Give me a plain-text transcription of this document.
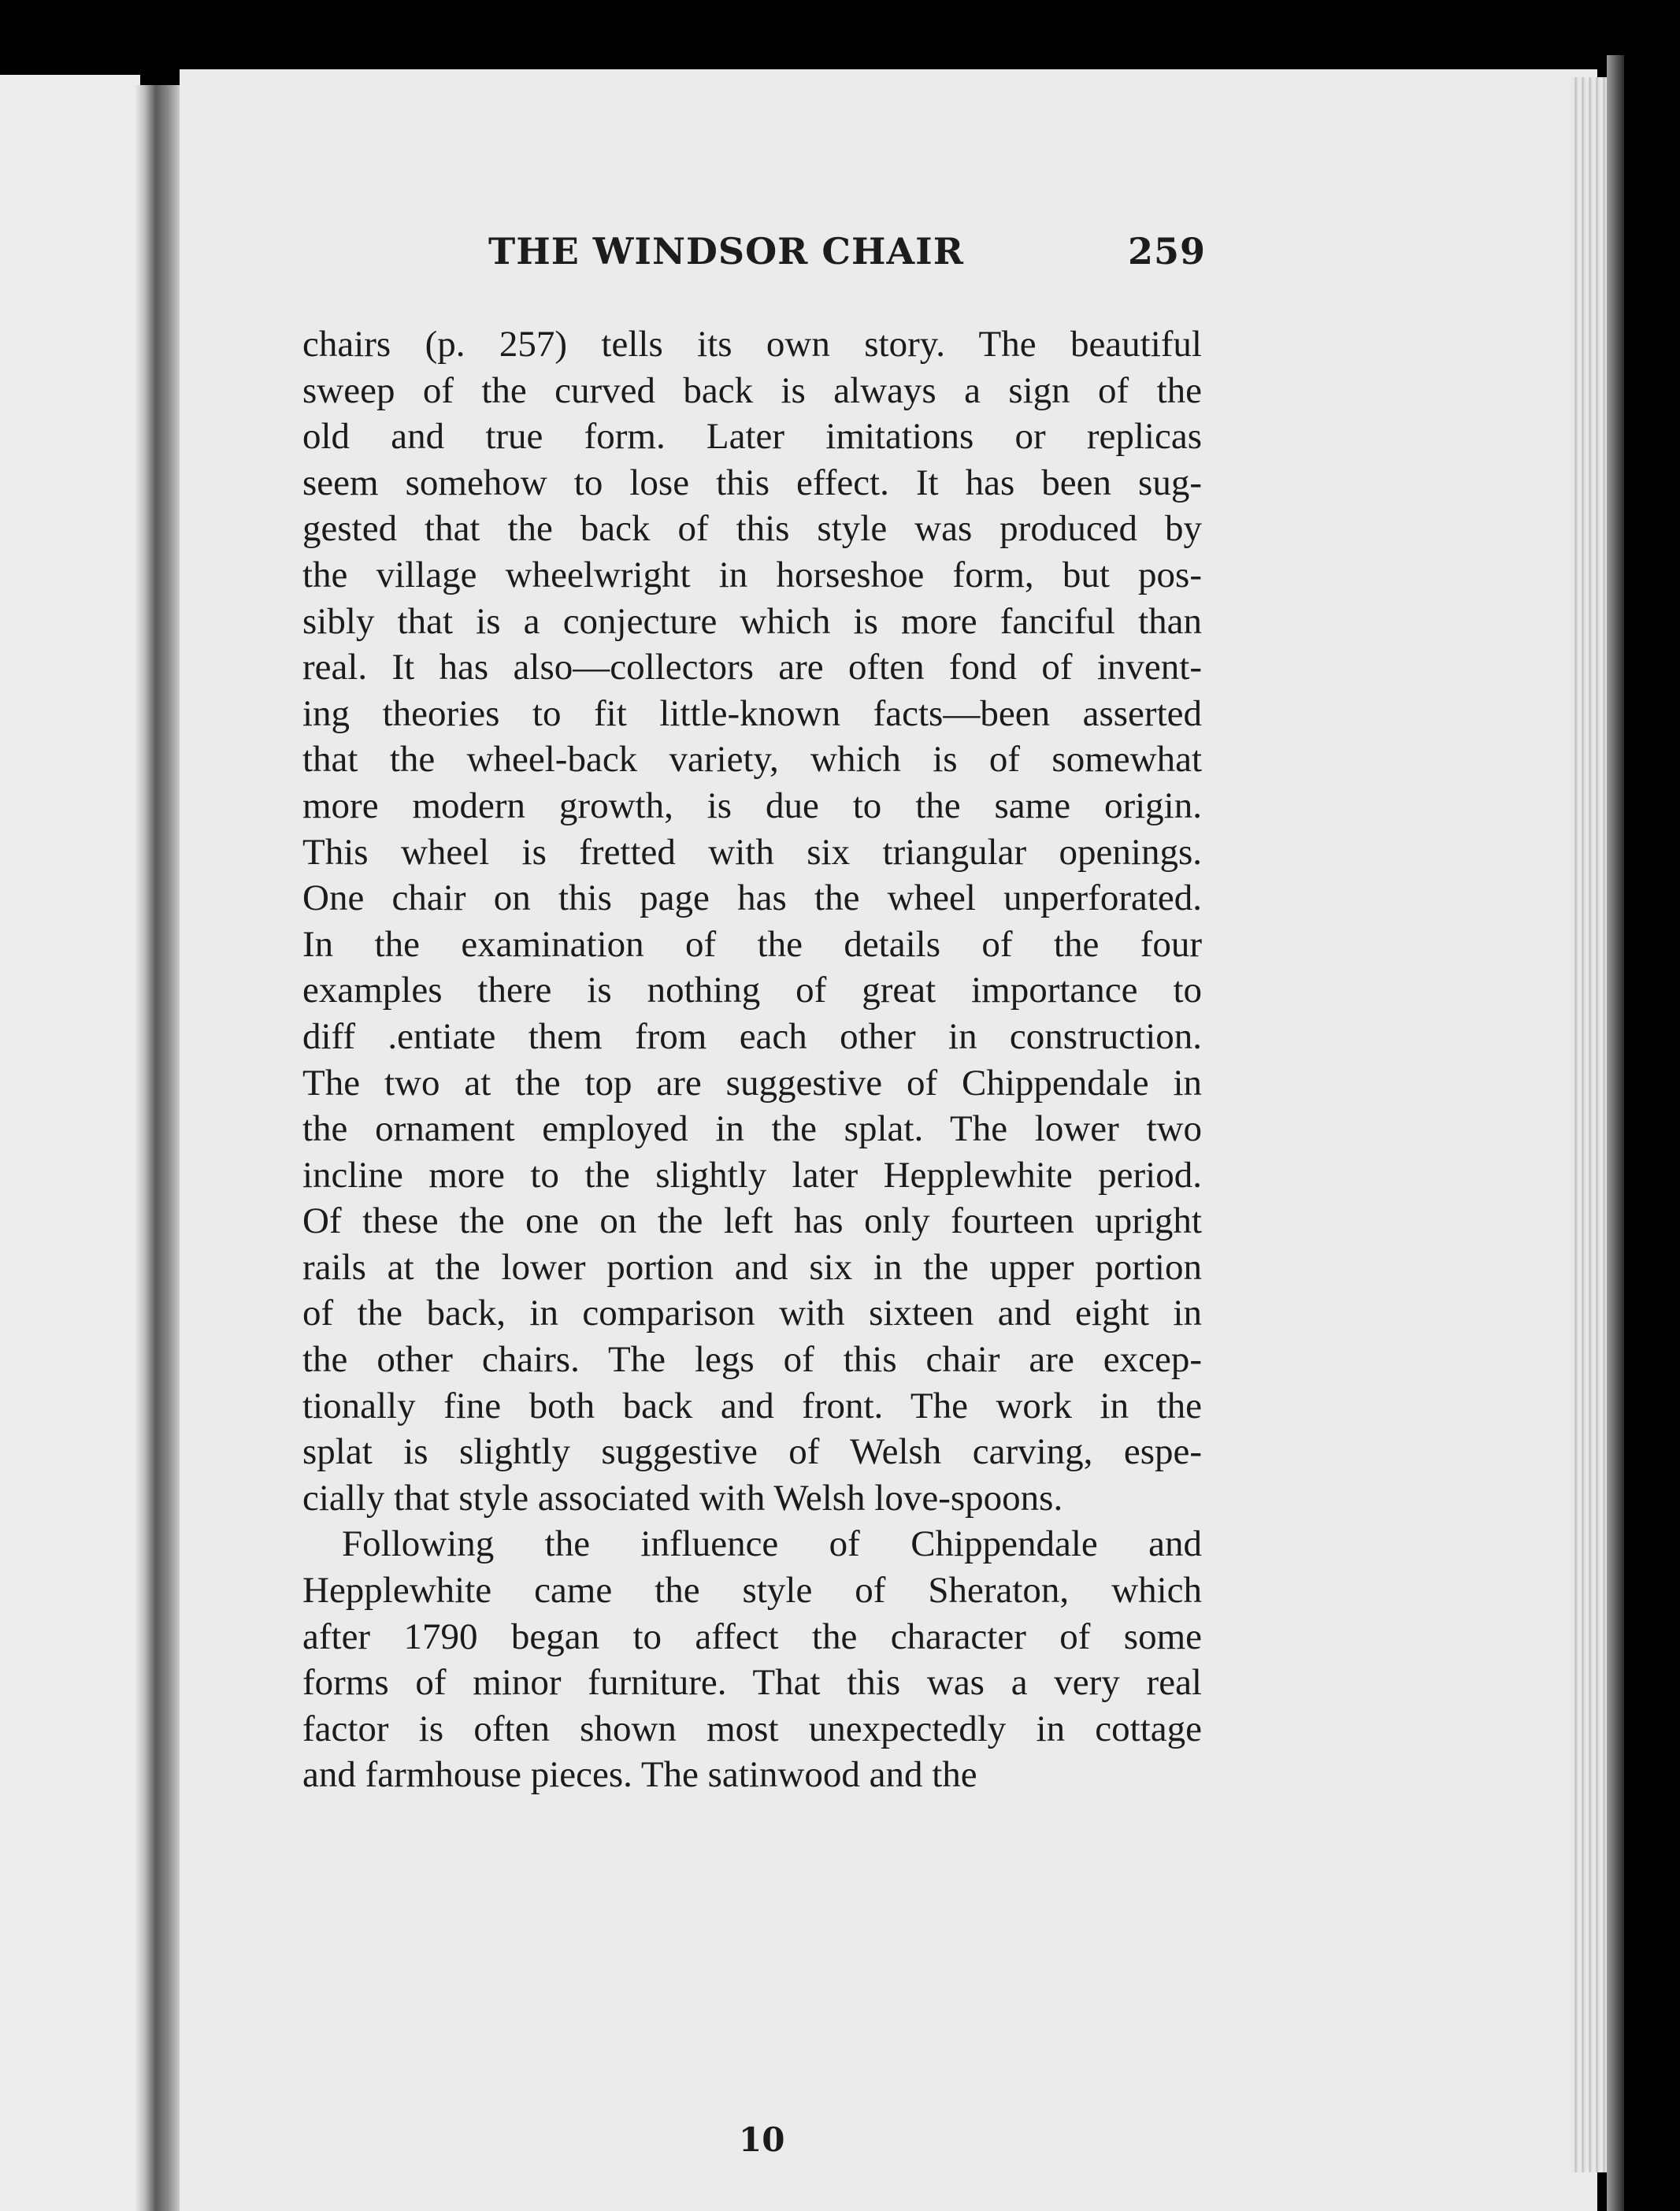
THE WINDSOR CHAIR	259
chairs (p. 257) tells its own story. The beautiful
sweep of the curved back is always a sign of the
old and true form. Later imitations or replicas
seem somehow to lose this effect. It has been sug-
gested that the back of this style was produced by
the village wheelwright in horseshoe form, but pos-
sibly that is a conjecture which is more fanciful than
real. It has also—collectors are often fond of invent-
ing theories to fit little-known facts—been asserted
that the wheel-back variety, which is of somewhat
more modern growth, is due to the same origin.
This wheel is fretted with six triangular openings.
One chair on this page has the wheel unperforated.
In the examination of the details of the four
examples there is nothing of great importance to
diff .entiate them from each other in construction.
The two at the top are suggestive of Chippendale in
the ornament employed in the splat. The lower two
incline more to the slightly later Hepplewhite period.
Of these the one on the left has only fourteen upright
rails at the lower portion and six in the upper portion
of the back, in comparison with sixteen and eight in
the other chairs. The legs of this chair are excep-
tionally fine both back and front. The work in the
splat is slightly suggestive of Welsh carving, espe-
cially that style associated with Welsh love-spoons.
Following the influence of Chippendale and
Hepplewhite came the style of Sheraton, which
after 1790 began to affect the character of some
forms of minor furniture. That this was a very real
factor is often shown most unexpectedly in cottage
and farmhouse pieces. The satinwood and the
10
